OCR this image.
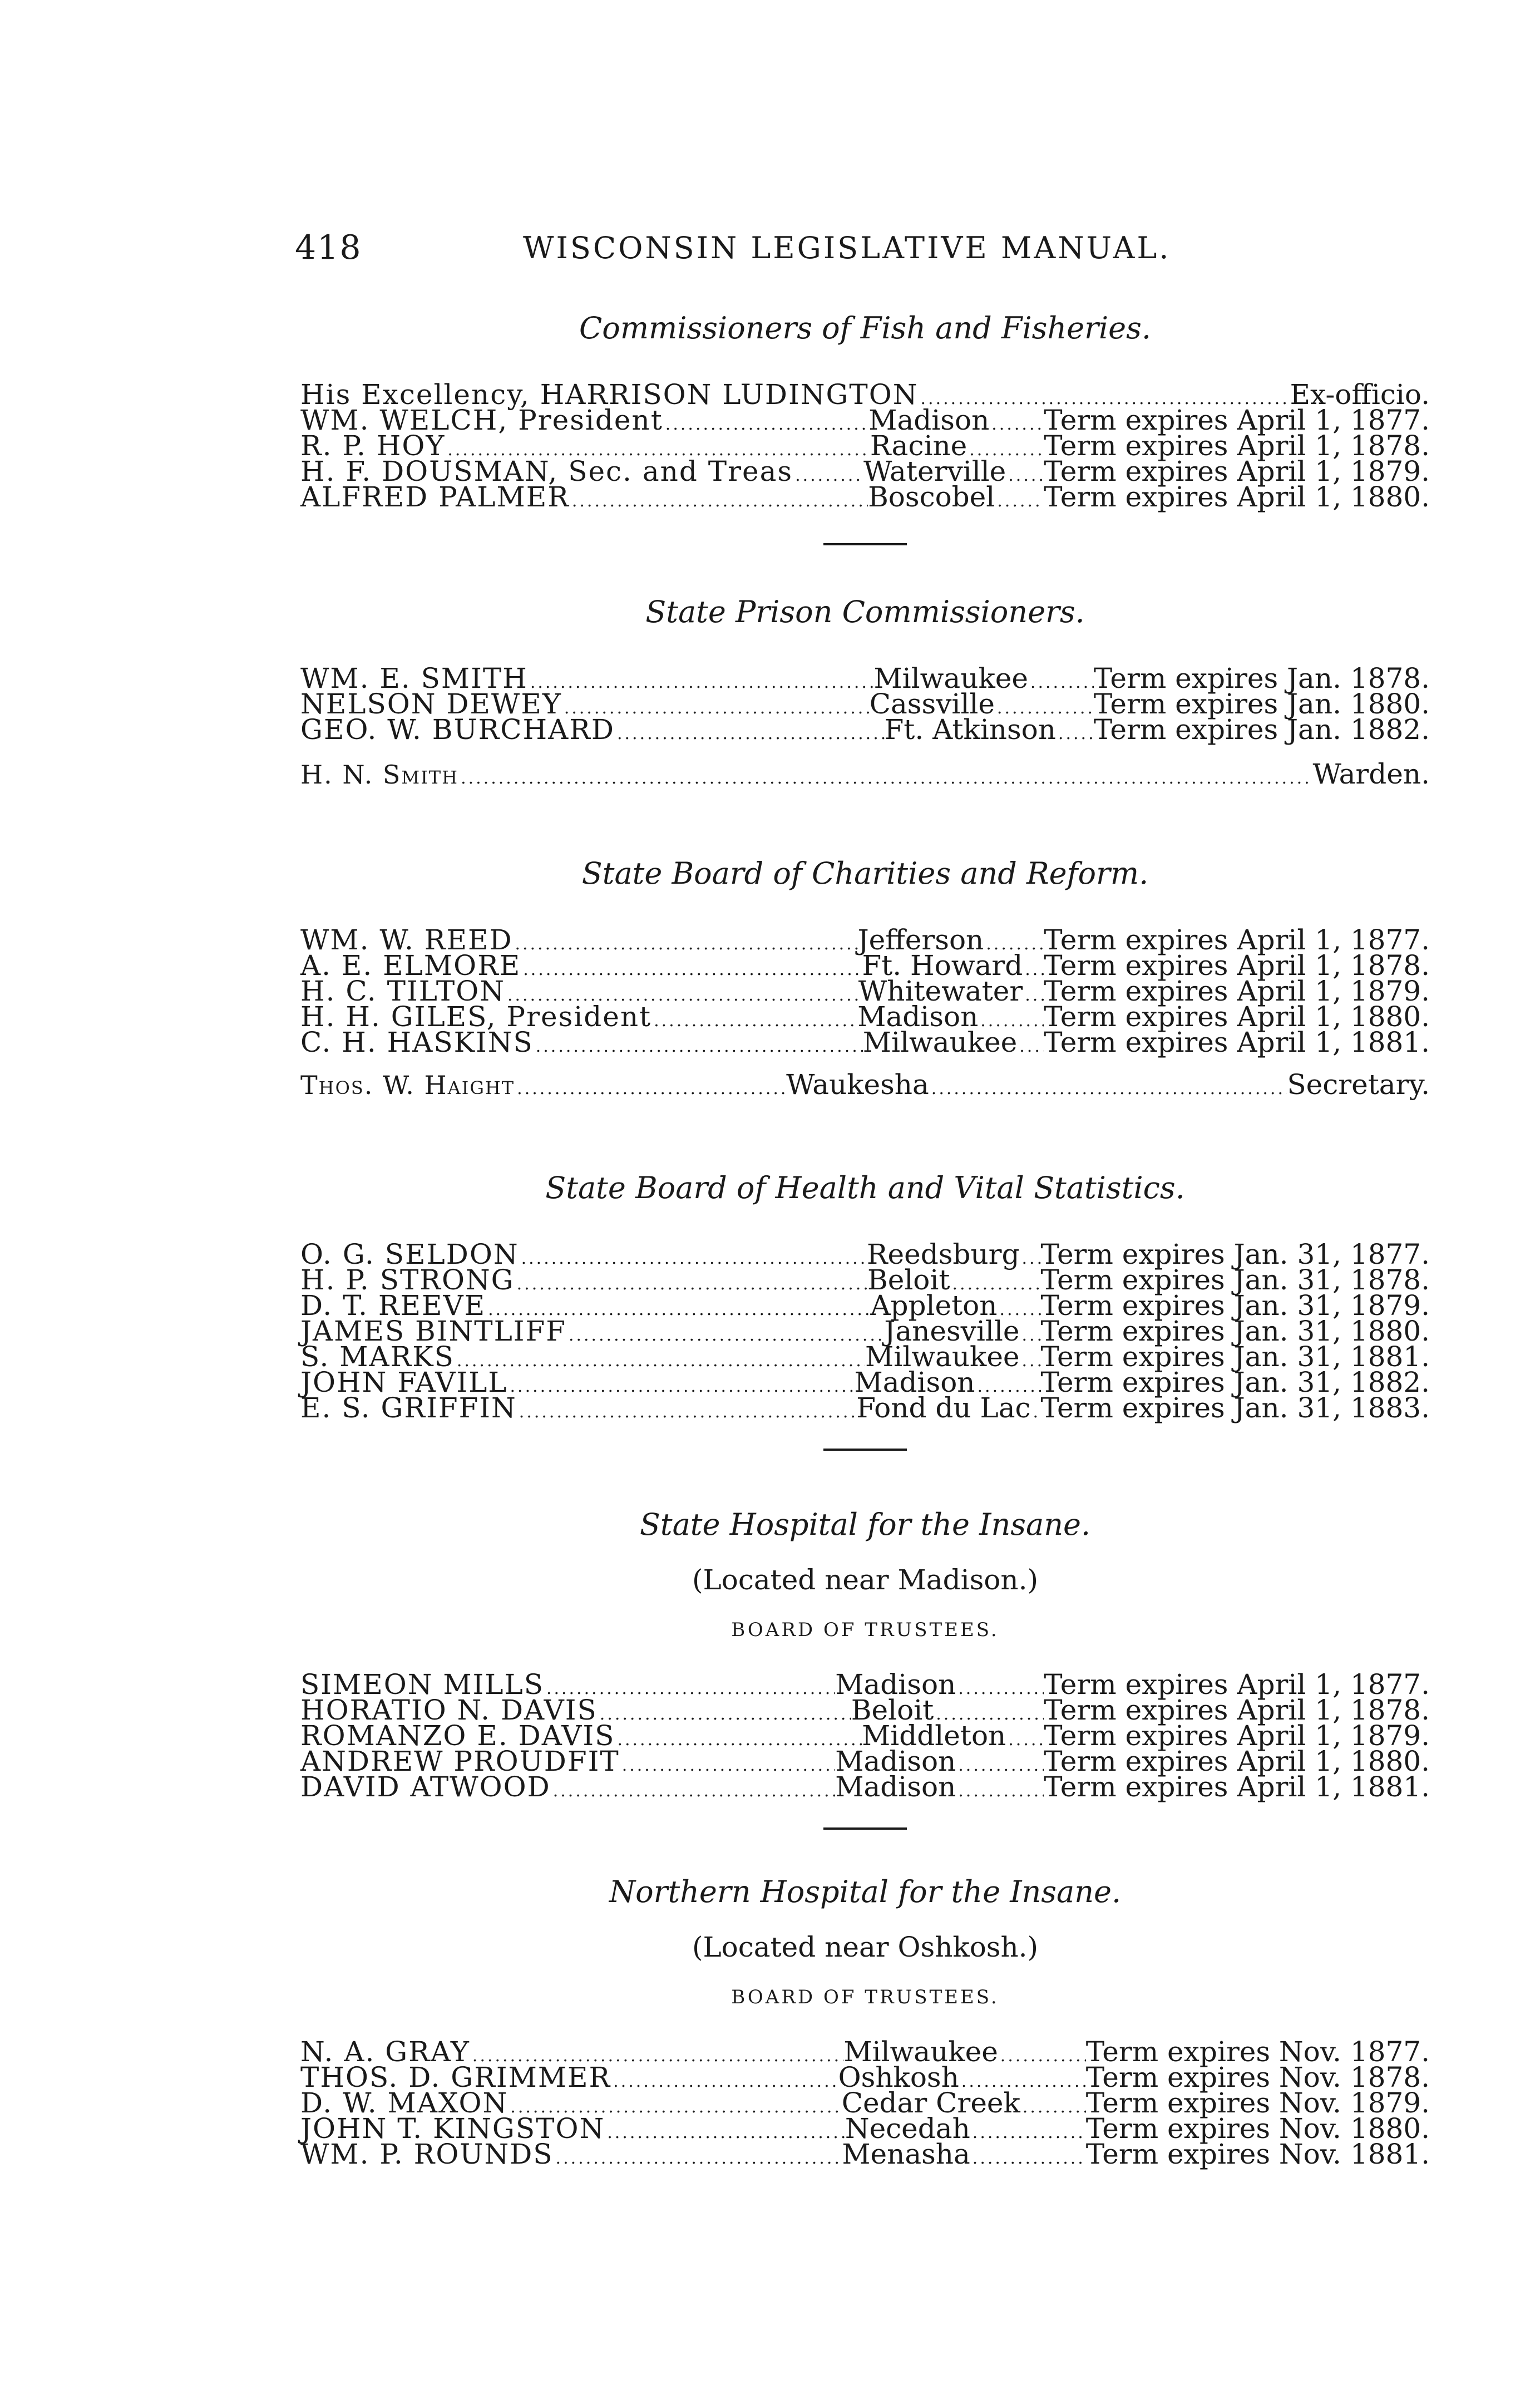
418	WISCONSIN LEGISLATIVE MANUAL.
Commissioners of Fish and Fisheries.
His Excellency, HARRISON LUDINGTON .....	Ex-officio.
WM. WELCH, President .....	Madison ..... Term expires April 1, 1877.
R. P. HOY .....	Racine .....	Term expires April 1, 1878.
H. F. DOUSMAN, Sec. and Treas .....	Waterville ..... Term expires April 1, 1879.
ALFRED PALMER .....	Boscobel ..... Term expires April 1, 1880.
State Prison Commissioners.
WM. E. SMITH .....	Milwaukee ..... Term expires Jan. 1878.
NELSON DEWEY .....	Cassville .....	Term expires Jan. 1880.
GEO. W. BURCHARD .....	Ft. Atkinson ..... Term expires Jan. 1882.
H. N. Smith .....	Warden.
State Board of Charities and Reform.
WM. W. REED .....	Jefferson ..... Term expires April 1, 1877.
A. E. ELMORE .....	Ft. Howard ..... Term expires April 1, 1878.
H. C. TILTON .....	Whitewater ..... Term expires April 1, 1879.
H. H. GILES, President .....	Madison ..... Term expires April 1, 1880.
C. H. HASKINS .....	Milwaukee ..... Term expires April 1, 1881.
Thos. W. Haight .....	Waukesha .....	Secretary.
State Board of Health and Vital Statistics.
O. G. SELDON .....	Reedsburg ..... Term expires Jan. 31, 1877.
H. P. STRONG .....	Beloit .....	Term expires Jan. 31, 1878.
D. T. REEVE .....	Appleton ..... Term expires Jan. 31, 1879.
JAMES BINTLIFF .....	Janesville ..... Term expires Jan. 31, 1880.
S. MARKS .....	Milwaukee ..... Term expires Jan. 31, 1881.
JOHN FAVILL .....	Madison ..... Term expires Jan. 31, 1882.
E. S. GRIFFIN .....	Fond du Lac ..... Term expires Jan. 31, 1883.
State Hospital for the Insane.
(Located near Madison.)
BOARD OF TRUSTEES.
SIMEON MILLS .....	Madison .....	Term expires April 1, 1877.
HORATIO N. DAVIS .....	Beloit .....	Term expires April 1, 1878.
ROMANZO E. DAVIS .....	Middleton ..... Term expires April 1, 1879.
ANDREW PROUDFIT .....	Madison .....	Term expires April 1, 1880.
DAVID ATWOOD .....	Madison .....	Term expires April 1, 1881.
Northern Hospital for the Insane.
(Located near Oshkosh.)
BOARD OF TRUSTEES.
N. A. GRAY .....	Milwaukee .....	Term expires Nov. 1877.
THOS. D. GRIMMER .....	Oshkosh .....	Term expires Nov. 1878.
D. W. MAXON .....	Cedar Creek ..... Term expires Nov. 1879.
JOHN T. KINGSTON .....	Necedah .....	Term expires Nov. 1880.
WM. P. ROUNDS .....	Menasha .....	Term expires Nov. 1881.
